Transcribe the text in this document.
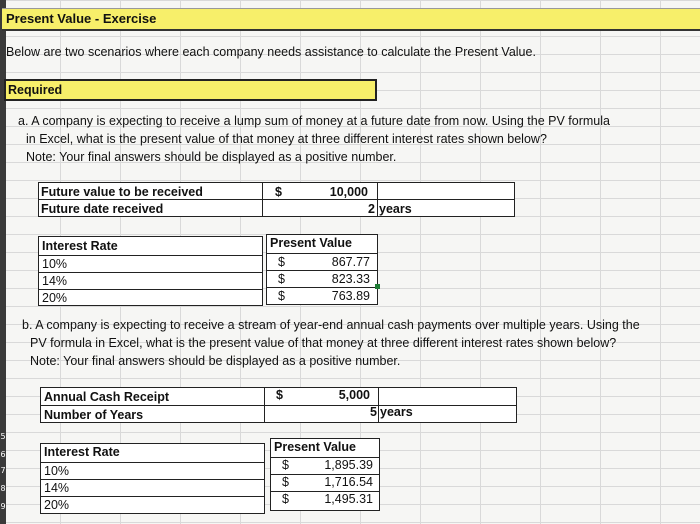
5
6
7
8
9
Present Value - Exercise
Below are two scenarios where each company needs assistance to calculate the Present Value.
Required
a. A company is expecting to receive a lump sum of money at a future date from now. Using the PV formula
in Excel, what is the present value of that money at three different interest rates shown below?
Note: Your final answers should be displayed as a positive number.
Future value to be received
Future date received
$	10,000
2 years
Interest Rate
10%
14%
20%
Present Value
$
$
$
867.77
823.33
763.89
b. A company is expecting to receive a stream of year-end annual cash payments over multiple years. Using the
PV formula in Excel, what is the present value of that money at three different interest rates shown below?
Note: Your final answers should be displayed as a positive number.
Annual Cash Receipt
Number of Years
$	5,000
5 years
Interest Rate
10%
14%
20%
Present Value
$
$
$
1,895.39
1,716.54
1,495.31
